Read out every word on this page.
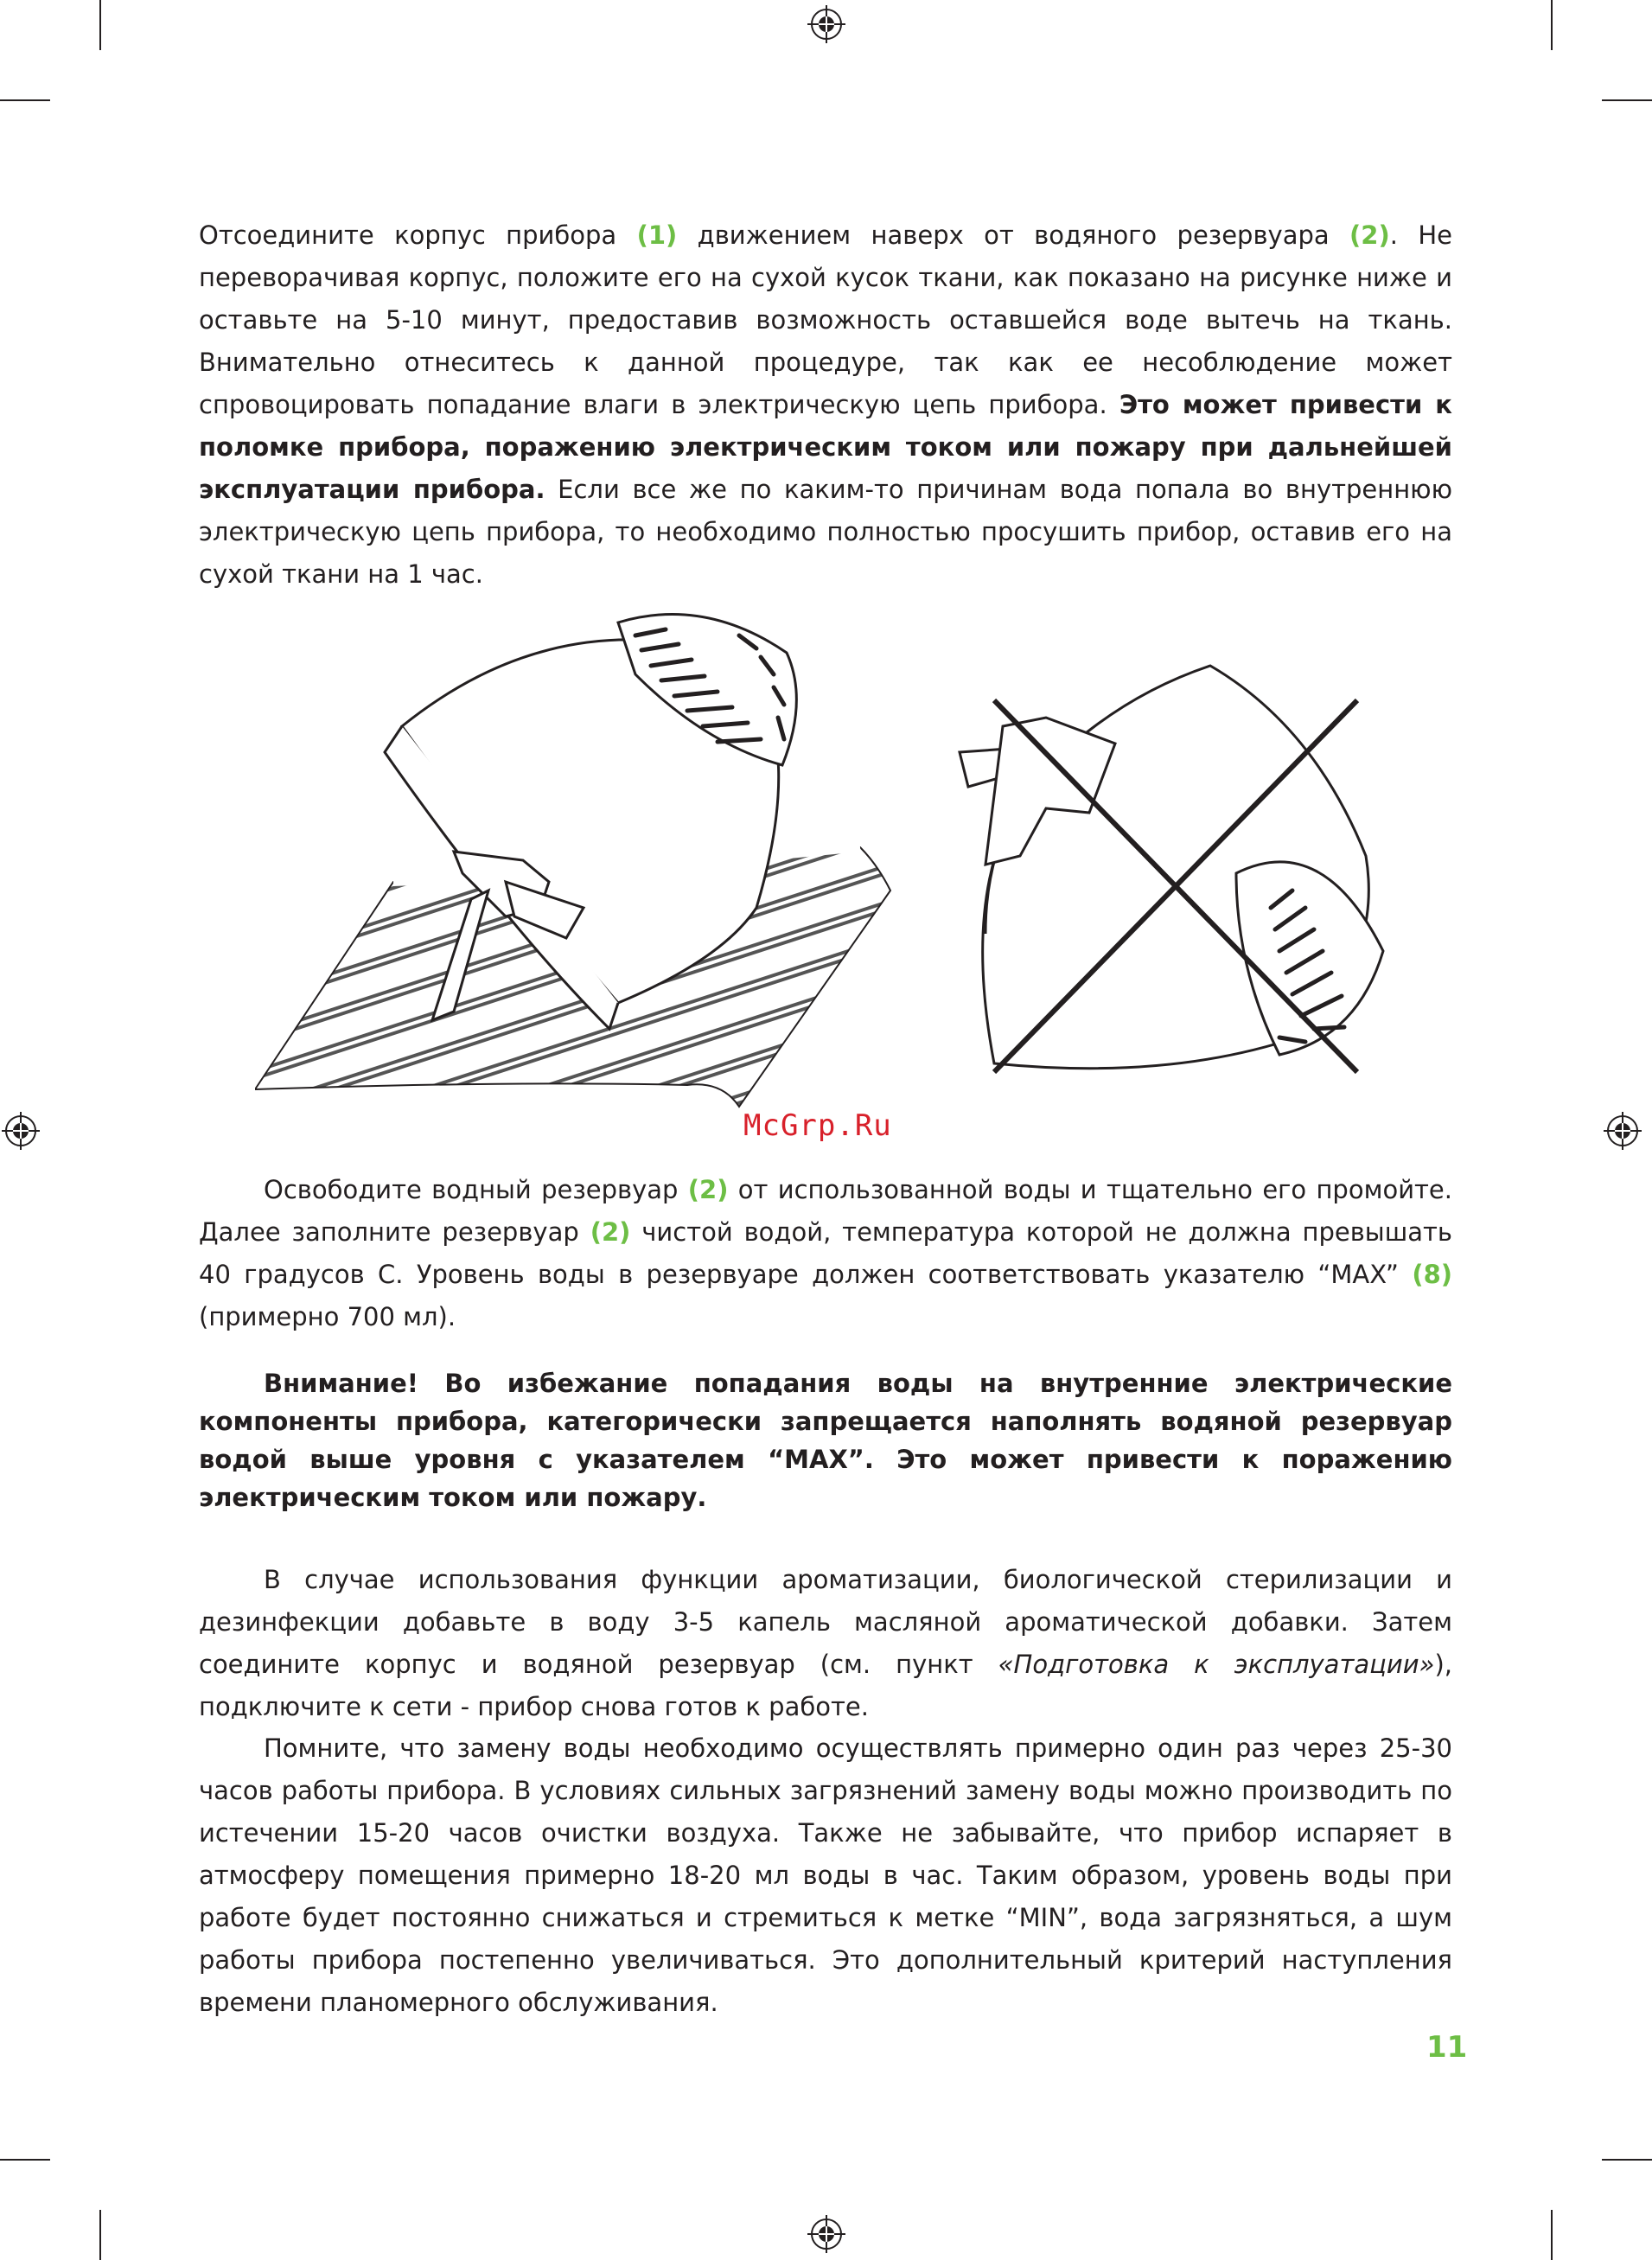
Отсоедините корпус прибора (1) движением наверх от водяного резервуара (2). Не переворачивая корпус, положите его на сухой кусок ткани, как показано на рисунке ниже и оставьте на 5-10 минут, предоставив возможность оставшейся воде вытечь на ткань. Внимательно отнеситесь к данной процедуре, так как ее несоблюдение может спровоцировать попадание влаги в электрическую цепь прибора. Это может привести к поломке прибора, поражению электрическим током или пожару при дальнейшей эксплуатации прибора. Если все же по каким-то причинам вода попала во внутреннюю электрическую цепь прибора, то необходимо полностью просушить прибор, оставив его на сухой ткани на 1 час.

McGrp.Ru

Освободите водный резервуар (2) от использованной воды и тщательно его промойте. Далее заполните резервуар (2) чистой водой, температура которой не должна превышать 40 градусов С. Уровень воды в резервуаре должен соответствовать указателю “MAX” (8) (примерно 700 мл).

Внимание! Во избежание попадания воды на внутренние электрические компоненты прибора, категорически запрещается наполнять водяной резервуар водой выше уровня с указателем “MAX”. Это может привести к поражению электрическим током или пожару.

В случае использования функции ароматизации, биологической стерилизации и дезинфекции добавьте в воду 3-5 капель масляной ароматической добавки. Затем соедините корпус и водяной резервуар (см. пункт «Подготовка к эксплуатации»), подключите к сети - прибор снова готов к работе.

Помните, что замену воды необходимо осуществлять примерно один раз через 25-30 часов работы прибора. В условиях сильных загрязнений замену воды можно производить по истечении 15-20 часов очистки воздуха. Также не забывайте, что прибор испаряет в атмосферу помещения примерно 18-20 мл воды в час. Таким образом, уровень воды при работе будет постоянно снижаться и стремиться к метке “MIN”, вода загрязняться, а шум работы прибора постепенно увеличиваться. Это дополнительный критерий наступления времени планомерного обслуживания.

11
